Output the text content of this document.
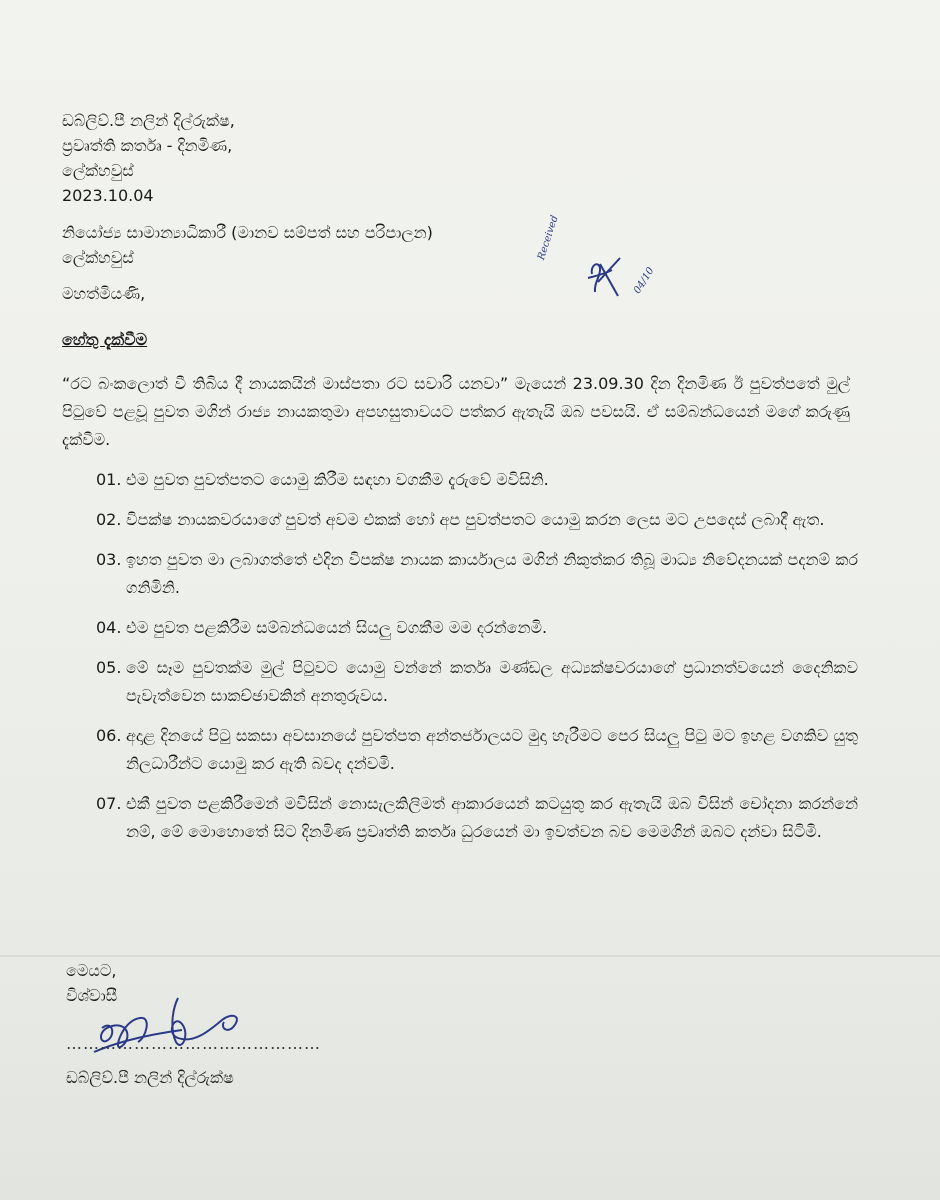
ඩබ්ලිව්.පී නලින් දිල්රුක්ෂ,
ප්‍රවෘත්ති කර්තෘ - දිනමිණ,
ලේක්හවුස්
2023.10.04
නියෝජ්‍ය සාමාන්‍යාධිකාරී (මානව සම්පත් සහ පරිපාලන)
ලේක්හවුස්	Received
04/10
මහත්මියණි,
හේතු දැක්වීම
“රට බංකලොත් වී තිබිය දී නායකයින් මාස්පතා රට සවාරි යනවා” මැයෙන් 23.09.30 දින දිනමිණ ඊ පුවත්පතේ මුල් පිටුවේ පළවූ පුවත මගින් රාජ්‍ය නායකතුමා අපහසුතාවයට පත්කර ඇතැයි ඔබ පවසයි. ඒ සම්බන්ධයෙන් මගේ කරුණු දැක්වීම.
01. එම පුවත පුවත්පතට යොමු කිරීම සඳහා වගකීම දැරුවේ මවිසිනි.
02. විපක්ෂ නායකවරයාගේ පුවත් අවම එකක් හෝ අප පුවත්පතට යොමු කරන ලෙස මට උපදෙස් ලබාදී ඇත.
03. ඉහත පුවත මා ලබාගත්තේ එදින විපක්ෂ නායක කාර්යාලය මගින් නිකුත්කර තිබූ මාධ්‍ය නිවේදනයක් පදනම් කර ගනිමිනි.
04. එම පුවත පළකිරීම සම්බන්ධයෙන් සියලු වගකීම මම දරන්නෙමි.
05. මේ සෑම පුවතක්ම මුල් පිටුවට යොමු වන්නේ කර්තෘ මණ්ඩල අධ්‍යක්ෂවරයාගේ ප්‍රධානත්වයෙන් දෛනිකව පැවැත්වෙන සාකච්ඡාවකින් අනතුරුවය.
06. අදාළ දිනයේ පිටු සකසා අවසානයේ පුවත්පත අන්තර්ජාලයට මුදා හැරීමට පෙර සියලු පිටු මට ඉහළ වගකිව යුතු නිලධාරීන්ට යොමු කර ඇති බවද දන්වමි.
07. එකී පුවත පළකිරීමෙන් මවිසින් නොසැලකිලිමත් ආකාරයෙන් කටයුතු කර ඇතැයි ඔබ විසින් චෝදනා කරන්නේ නම්, මේ මොහොතේ සිට දිනමිණ ප්‍රවෘත්ති කර්තෘ ධුරයෙන් මා ඉවත්වන බව මෙමගින් ඔබට දන්වා සිටිමි.
මෙයට,
විශ්වාසී
………………………………………
ඩබ්ලිව්.පී නලින් දිල්රුක්ෂ
